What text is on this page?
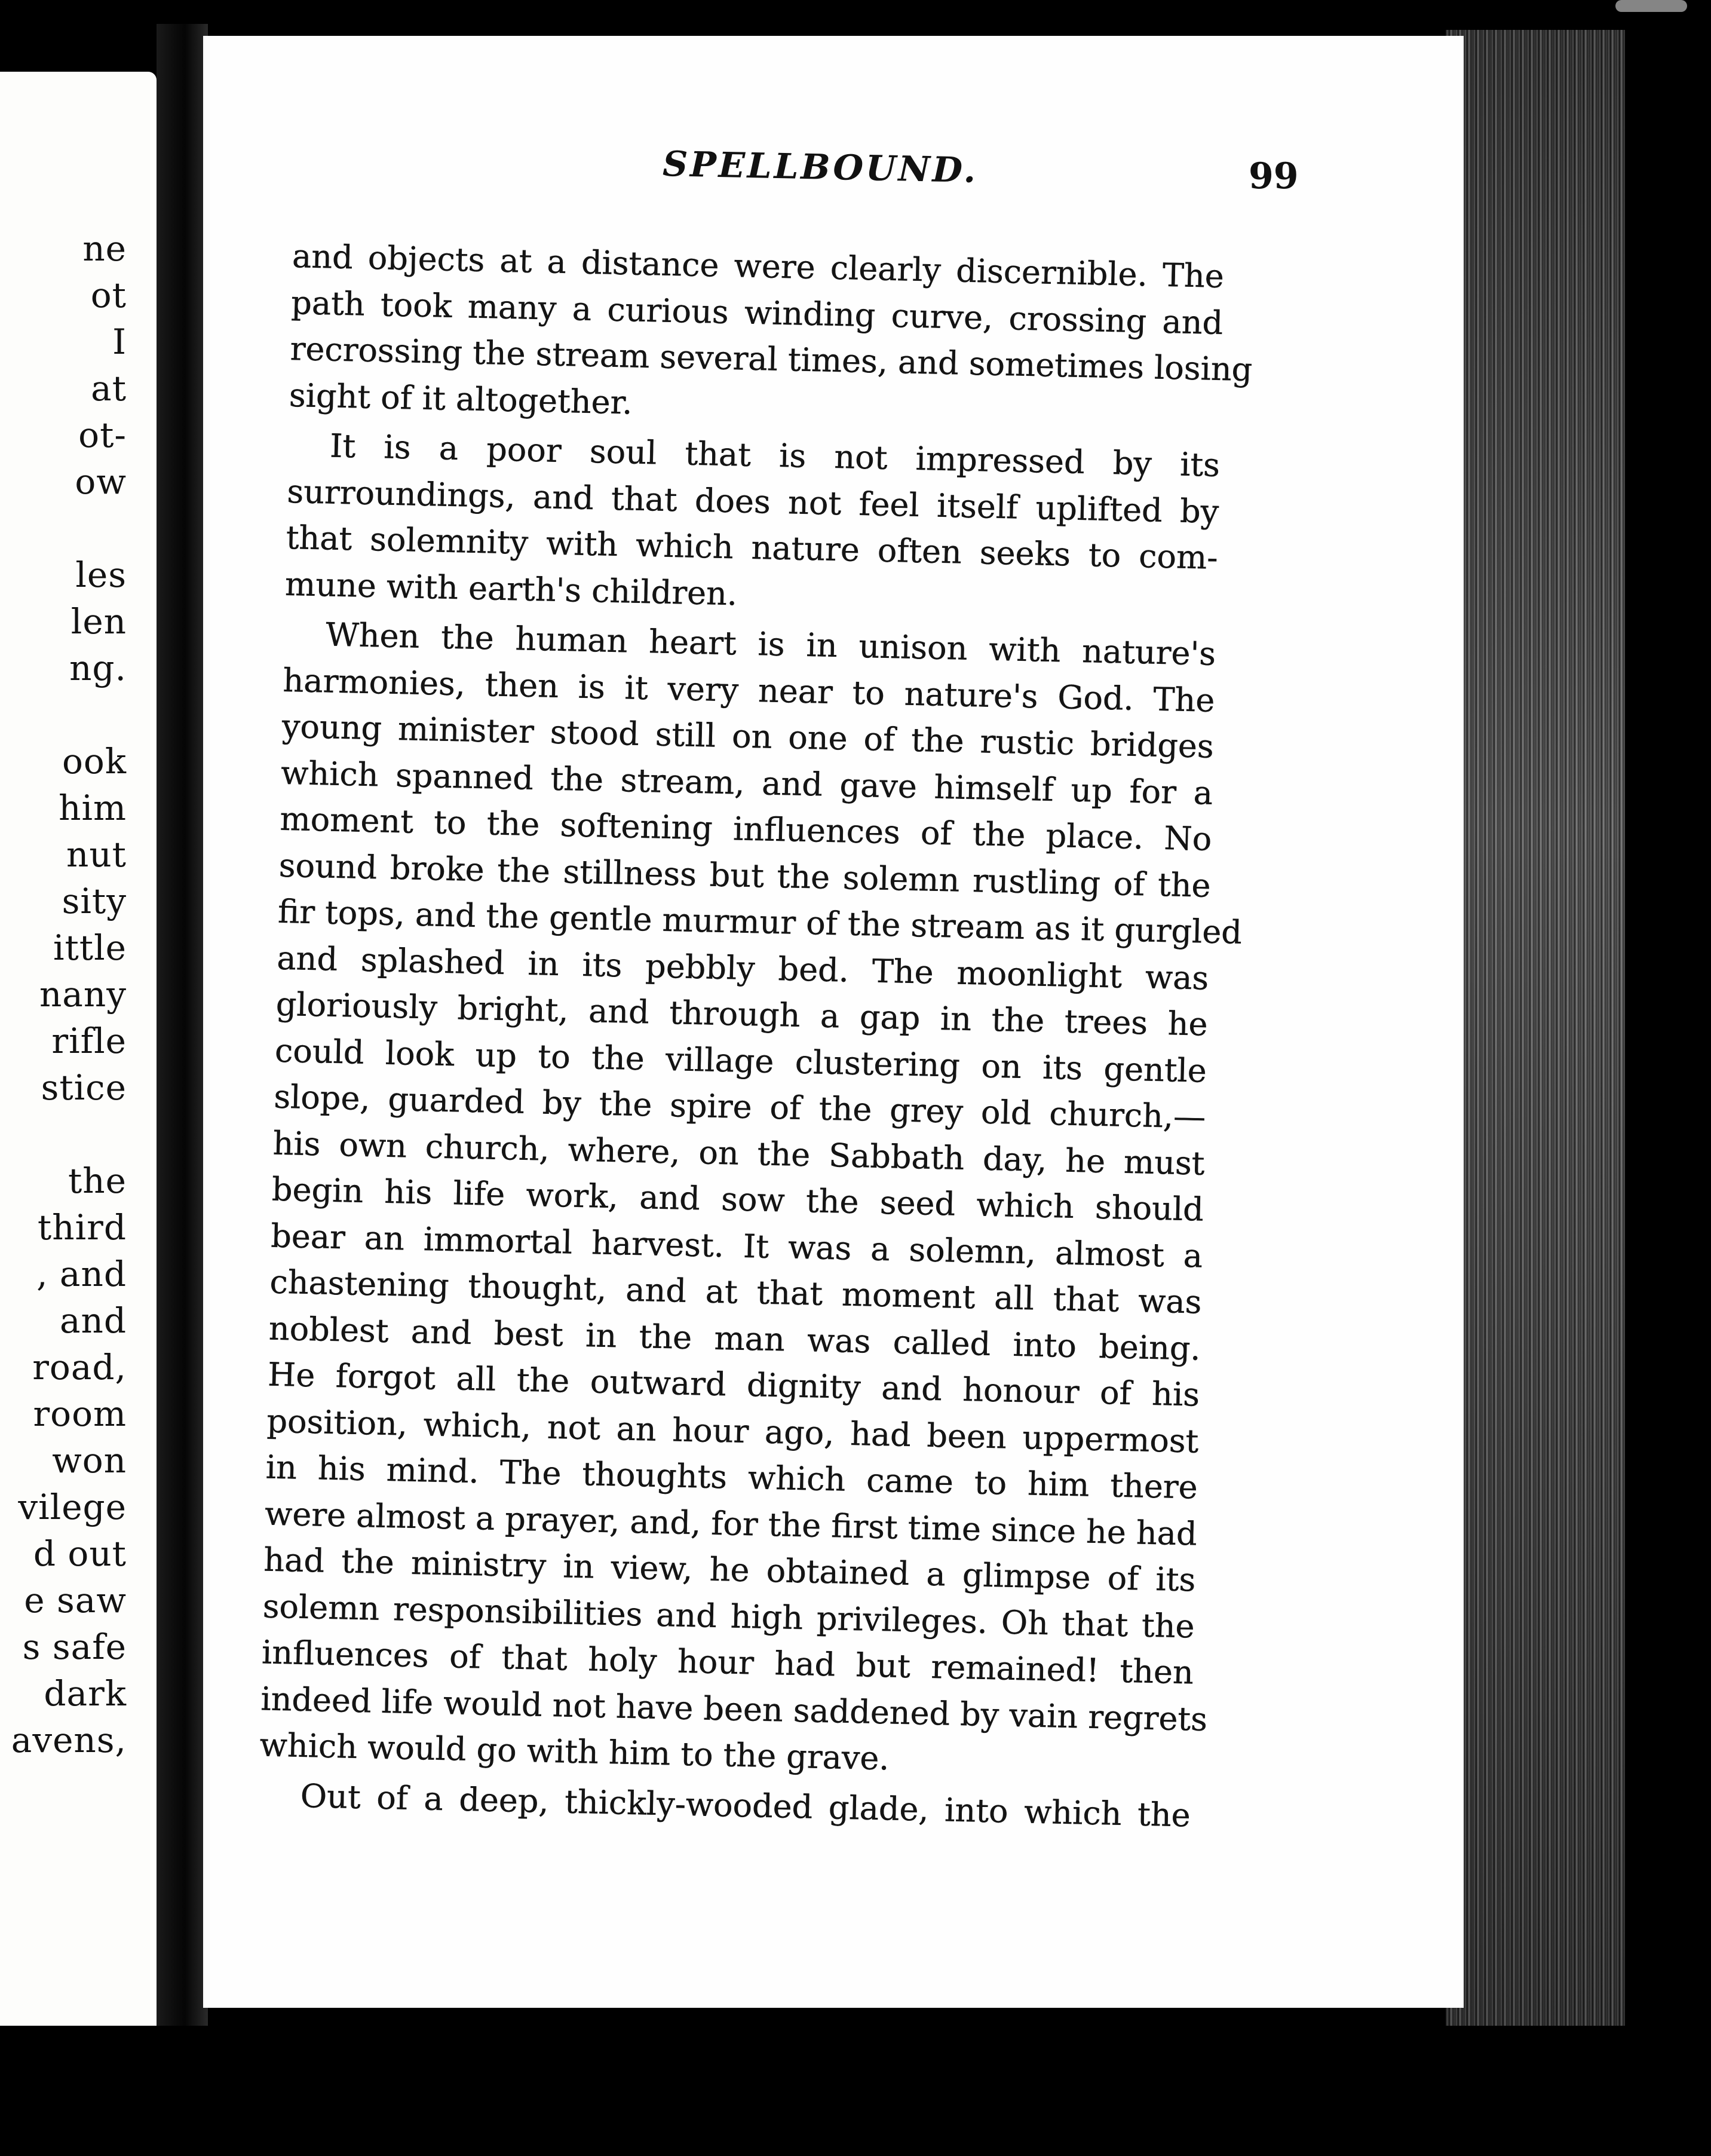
ne
ot
I
at
ot-
ow
les
len
ng.
ook
him
nut
sity
ittle
nany
rifle
stice
the
third
, and
and
road,
room
won
vilege
d out
e saw
s safe
dark
avens,
SPELLBOUND.	99
and objects at a distance were clearly discernible. The
path took many a curious winding curve, crossing and
recrossing the stream several times, and sometimes losing
sight of it altogether.
It is a poor soul that is not impressed by its
surroundings, and that does not feel itself uplifted by
that solemnity with which nature often seeks to com-
mune with earth's children.
When the human heart is in unison with nature's
harmonies, then is it very near to nature's God. The
young minister stood still on one of the rustic bridges
which spanned the stream, and gave himself up for a
moment to the softening influences of the place. No
sound broke the stillness but the solemn rustling of the
fir tops, and the gentle murmur of the stream as it gurgled
and splashed in its pebbly bed. The moonlight was
gloriously bright, and through a gap in the trees he
could look up to the village clustering on its gentle
slope, guarded by the spire of the grey old church,—
his own church, where, on the Sabbath day, he must
begin his life work, and sow the seed which should
bear an immortal harvest. It was a solemn, almost a
chastening thought, and at that moment all that was
noblest and best in the man was called into being.
He forgot all the outward dignity and honour of his
position, which, not an hour ago, had been uppermost
in his mind. The thoughts which came to him there
were almost a prayer, and, for the first time since he had
had the ministry in view, he obtained a glimpse of its
solemn responsibilities and high privileges. Oh that the
influences of that holy hour had but remained! then
indeed life would not have been saddened by vain regrets
which would go with him to the grave.
Out of a deep, thickly-wooded glade, into which the
